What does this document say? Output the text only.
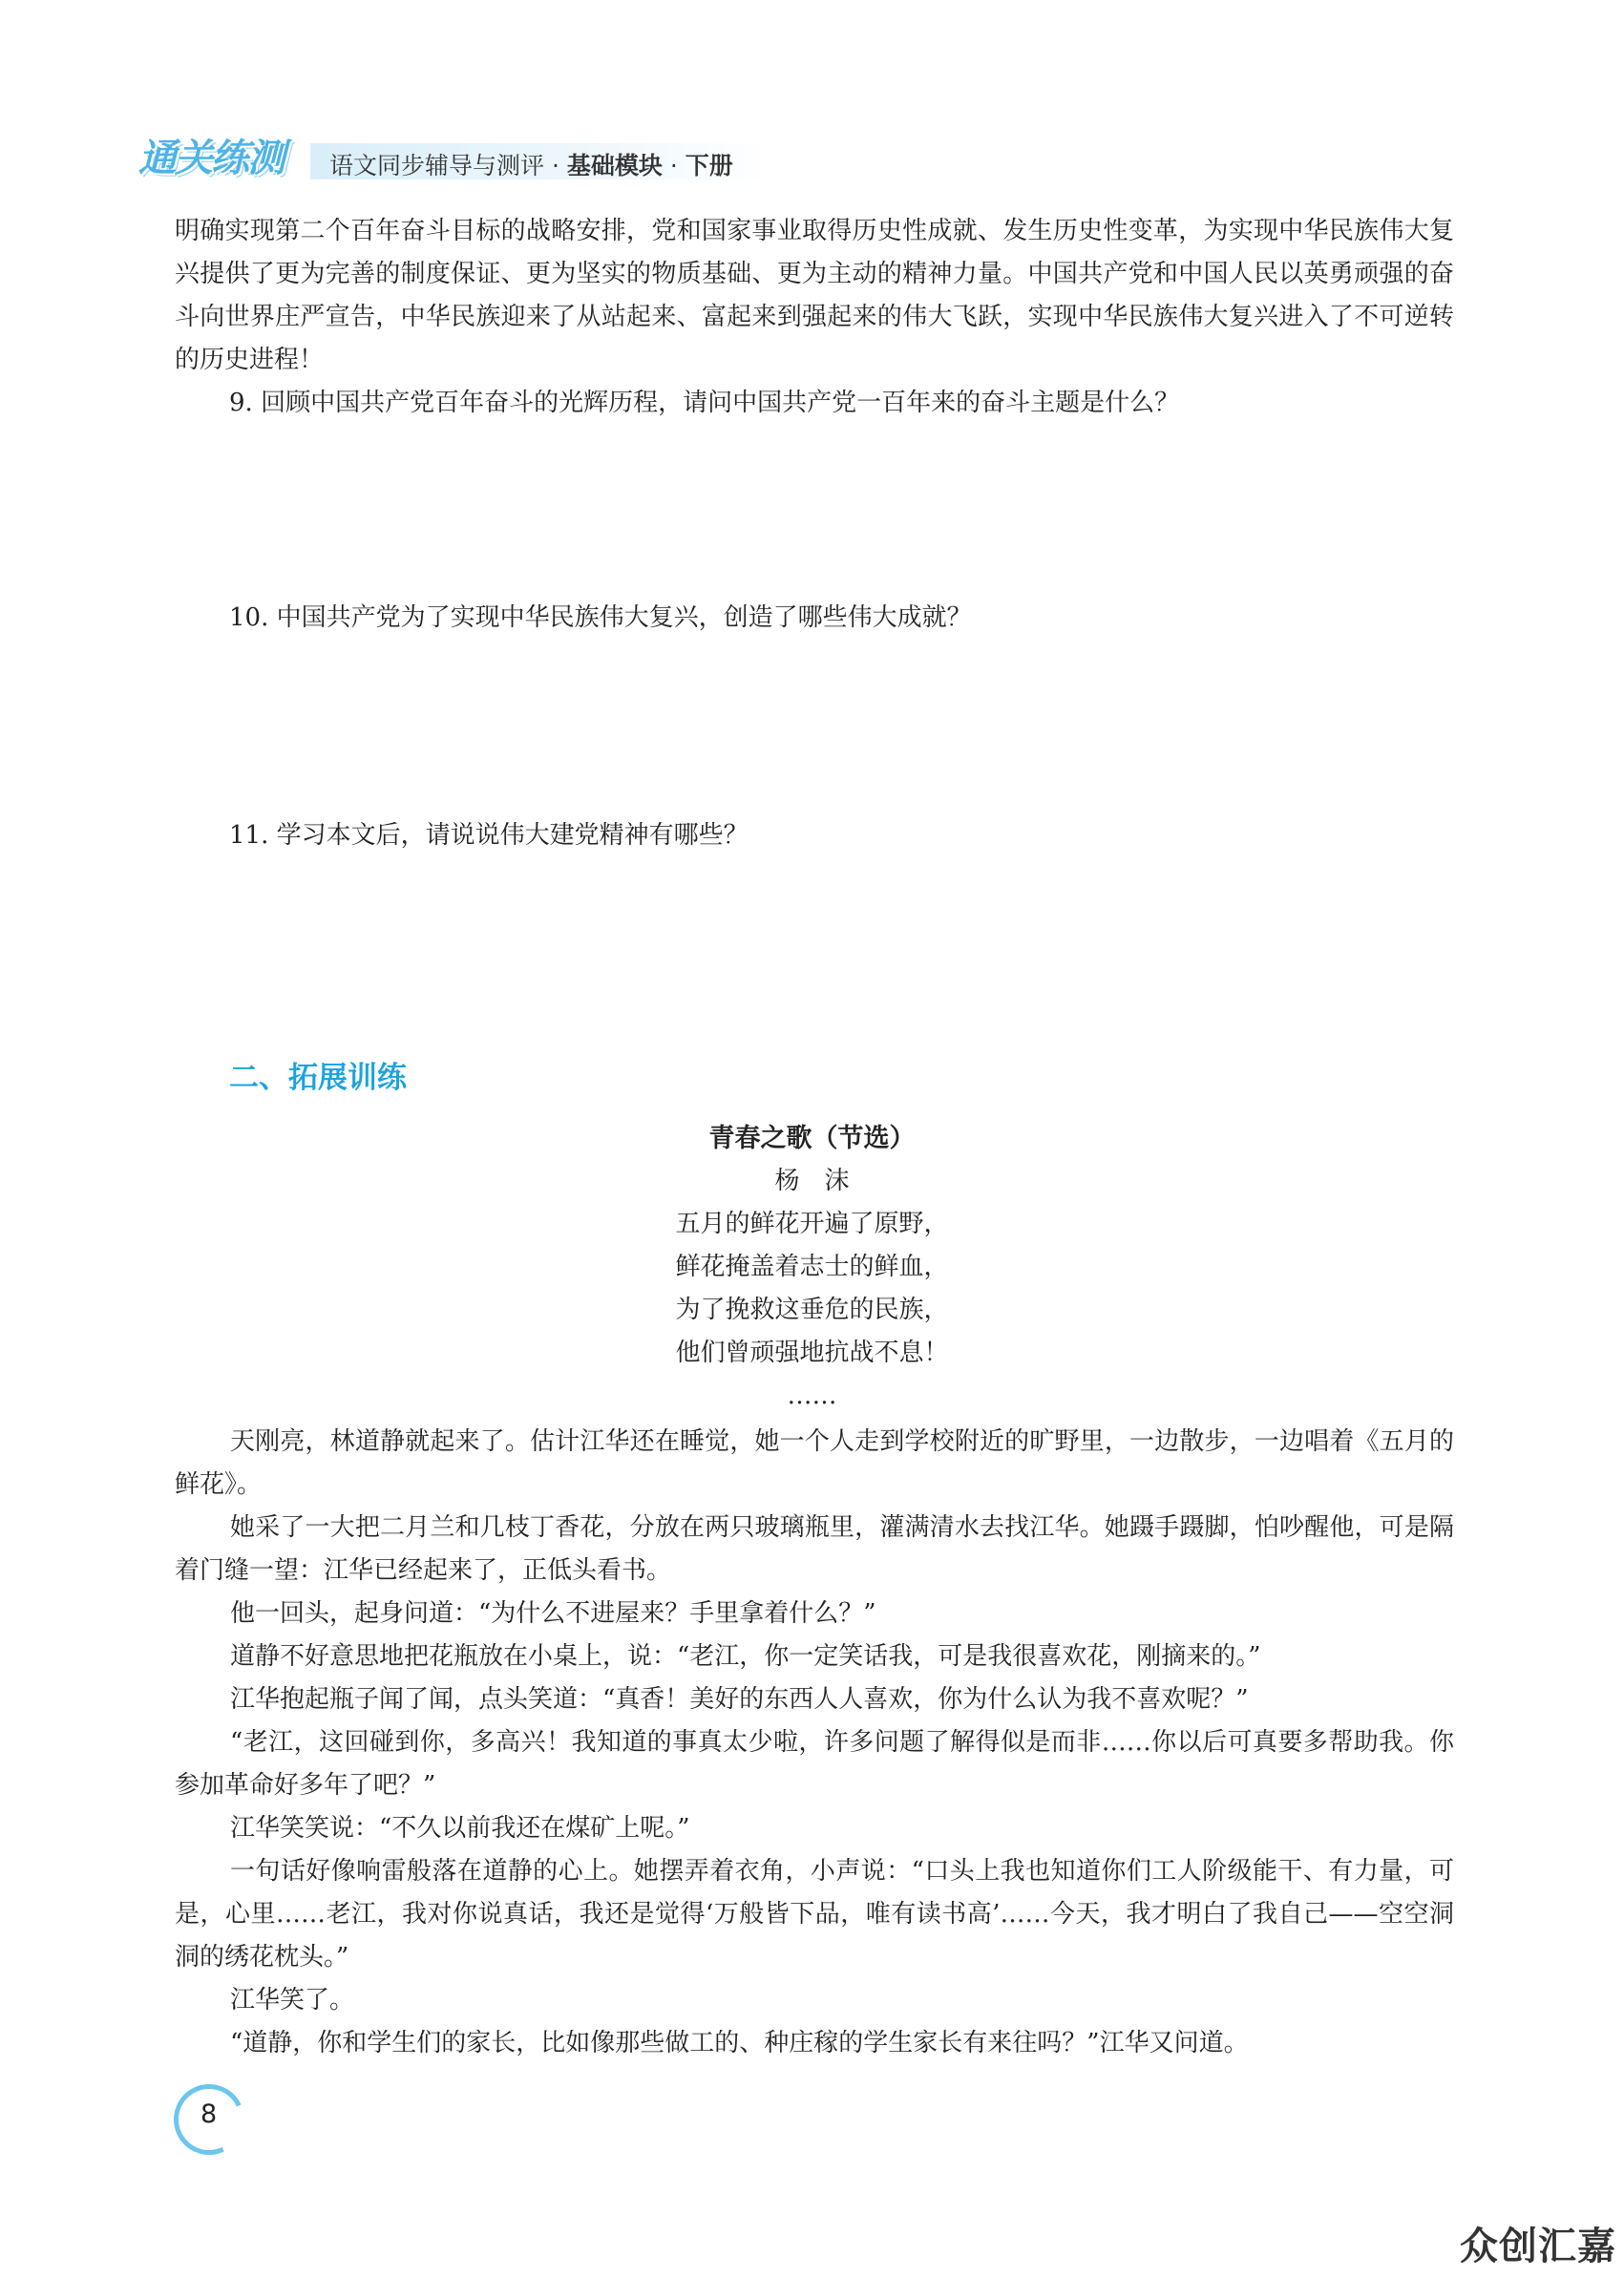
通关练测	语文同步辅导与测评 · 基础模块 · 下册

明确实现第二个百年奋斗目标的战略安排，党和国家事业取得历史性成就、发生历史性变革，为实现中华民族伟大复兴提供了更为完善的制度保证、更为坚实的物质基础、更为主动的精神力量。中国共产党和中国人民以英勇顽强的奋斗向世界庄严宣告，中华民族迎来了从站起来、富起来到强起来的伟大飞跃，实现中华民族伟大复兴进入了不可逆转的历史进程！

9. 回顾中国共产党百年奋斗的光辉历程，请问中国共产党一百年来的奋斗主题是什么？
10. 中国共产党为了实现中华民族伟大复兴，创造了哪些伟大成就？
11. 学习本文后，请说说伟大建党精神有哪些？
二、拓展训练
青春之歌（节选）
杨　沫
五月的鲜花开遍了原野，
鲜花掩盖着志士的鲜血，
为了挽救这垂危的民族，
他们曾顽强地抗战不息！
……

天刚亮，林道静就起来了。估计江华还在睡觉，她一个人走到学校附近的旷野里，一边散步，一边唱着《五月的鲜花》。

她采了一大把二月兰和几枝丁香花，分放在两只玻璃瓶里，灌满清水去找江华。她蹑手蹑脚，怕吵醒他，可是隔着门缝一望：江华已经起来了，正低头看书。

他一回头，起身问道：“为什么不进屋来？手里拿着什么？”

道静不好意思地把花瓶放在小桌上，说：“老江，你一定笑话我，可是我很喜欢花，刚摘来的。”

江华抱起瓶子闻了闻，点头笑道：“真香！美好的东西人人喜欢，你为什么认为我不喜欢呢？”

“老江，这回碰到你，多高兴！我知道的事真太少啦，许多问题了解得似是而非……你以后可真要多帮助我。你参加革命好多年了吧？”

江华笑笑说：“不久以前我还在煤矿上呢。”

一句话好像响雷般落在道静的心上。她摆弄着衣角，小声说：“口头上我也知道你们工人阶级能干、有力量，可是，心里……老江，我对你说真话，我还是觉得‘万般皆下品，唯有读书高’……今天，我才明白了我自己——空空洞洞的绣花枕头。”

江华笑了。

“道静，你和学生们的家长，比如像那些做工的、种庄稼的学生家长有来往吗？”江华又问道。

8
众创汇嘉
